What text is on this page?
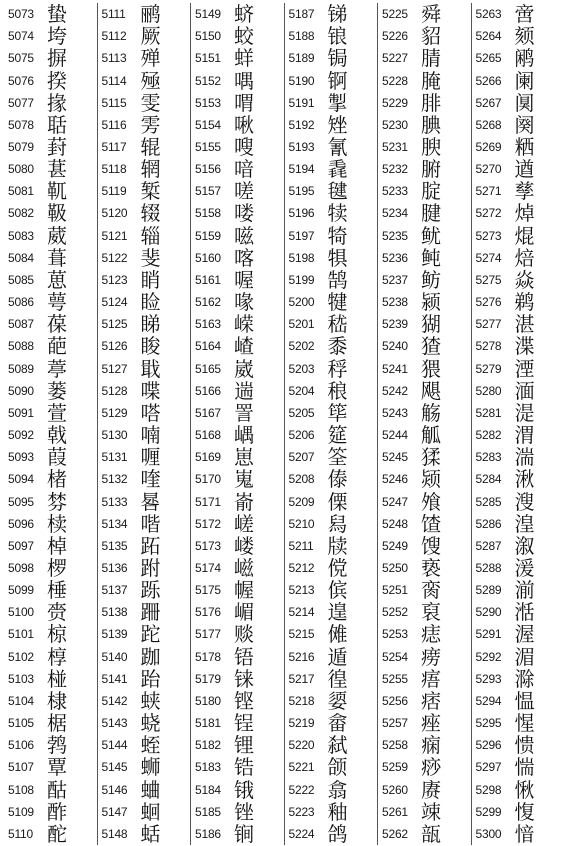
5073 蛰
5074 垮
5075 摒
5076 揆
5077 掾
5078 聒
5079 葑
5080 葚
5081 靰
5082 靸
5083 葳
5084 葺
5085 葸
5086 萼
5087 葆
5088 葩
5089 葶
5090 蒌
5091 萱
5092 戟
5093 葭
5094 楮
5095 棼
5096 椟
5097 棹
5098 椤
5099 棰
5100 赍
5101 椋
5102 椁
5103 椪
5104 棣
5105 椐
5106 鹁
5107 覃
5108 酤
5109 酢
5110 酡
5111 鹂
5112 厥
5113 殚
5114 殛
5115 雯
5116 雱
5117 辊
5118 辋
5119 椠
5120 辍
5121 辎
5122 斐
5123 睄
5124 睑
5125 睇
5126 睃
5127 戢
5128 喋
5129 嗒
5130 喃
5131 喱
5132 喹
5133 晷
5134 喈
5135 跖
5136 跗
5137 跞
5138 跚
5139 跎
5140 跏
5141 跆
5142 蛱
5143 蛲
5144 蛭
5145 蛳
5146 蛐
5147 蛔
5148 蛞
5149 蛴
5150 蛟
5151 蛘
5152 喁
5153 喟
5154 啾
5155 嗖
5156 喑
5157 嗟
5158 喽
5159 嗞
5160 喀
5161 喔
5162 喙
5163 嵘
5164 嵖
5165 崴
5166 遄
5167 詈
5168 嵎
5169 崽
5170 嵬
5171 嵛
5172 嵯
5173 嵝
5174 嵫
5175 幄
5176 嵋
5177 赕
5178 铻
5179 铼
5180 铿
5181 锃
5182 锂
5183 锆
5184 锇
5185 锉
5186 锏
5187 锑
5188 锒
5189 锔
5190 锕
5191 掣
5192 矬
5193 氰
5194 毳
5195 毽
5196 犊
5197 犄
5198 犋
5199 鹄
5200 犍
5201 嵇
5202 黍
5203 稃
5204 稂
5205 筚
5206 筵
5207 筌
5208 傣
5209 傈
5210 舄
5211 牍
5212 傥
5213 傧
5214 遑
5215 傩
5216 遁
5217 徨
5218 媭
5219 畲
5220 弑
5221 颌
5222 翕
5223 釉
5224 鸽
5225 舜
5226 貂
5227 腈
5228 腌
5229 腓
5230 腆
5231 腴
5232 腑
5233 腚
5234 腱
5235 鱿
5236 鲀
5237 鲂
5238 颍
5239 猢
5240 猹
5241 猥
5242 飓
5243 觞
5244 觚
5245 猱
5246 颎
5247 飧
5248 馇
5249 馊
5250 亵
5251 脔
5252 裒
5253 痣
5254 痨
5255 痦
5256 痞
5257 痤
5258 痫
5259 痧
5260 赓
5261 竦
5262 瓿
5263 啻
5264 颏
5265 鹇
5266 阑
5267 阒
5268 阕
5269 粞
5270 遒
5271 孳
5272 焯
5273 焜
5274 焙
5275 焱
5276 鹈
5277 湛
5278 渫
5279 湮
5280 湎
5281 湜
5282 渭
5283 湍
5284 湫
5285 溲
5286 湟
5287 溆
5288 湲
5289 湔
5290 湉
5291 渥
5292 湄
5293 滁
5294 愠
5295 惺
5296 愦
5297 惴
5298 愀
5299 愎
5300 愔
